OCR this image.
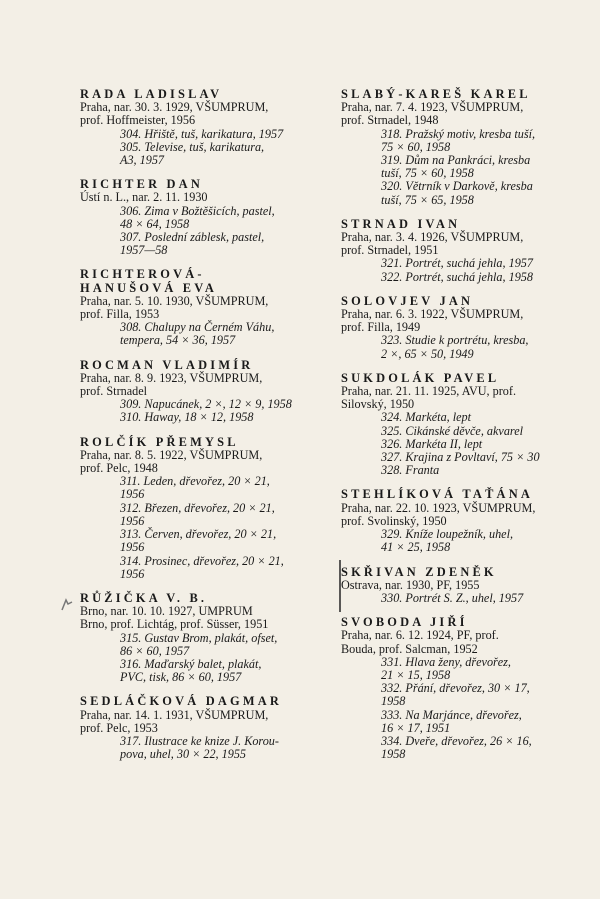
RADA LADISLAV
Praha, nar. 30. 3. 1929, VŠUMPRUM,
prof. Hoffmeister, 1956
304. Hřiště, tuš, karikatura, 1957
305. Televise, tuš, karikatura,
A3, 1957
RICHTER DAN
Ústí n. L., nar. 2. 11. 1930
306. Zima v Božtěšicích, pastel,
48 × 64, 1958
307. Poslední záblesk, pastel,
1957—58
RICHTEROVÁ-
HANUŠOVÁ EVA
Praha, nar. 5. 10. 1930, VŠUMPRUM,
prof. Filla, 1953
308. Chalupy na Černém Váhu,
tempera, 54 × 36, 1957
ROCMAN VLADIMÍR
Praha, nar. 8. 9. 1923, VŠUMPRUM,
prof. Strnadel
309. Napucánek, 2 ×, 12 × 9, 1958
310. Haway, 18 × 12, 1958
ROLČÍK PŘEMYSL
Praha, nar. 8. 5. 1922, VŠUMPRUM,
prof. Pelc, 1948
311. Leden, dřevořez, 20 × 21,
1956
312. Březen, dřevořez, 20 × 21,
1956
313. Červen, dřevořez, 20 × 21,
1956
314. Prosinec, dřevořez, 20 × 21,
1956
RŮŽIČKA V. B.
Brno, nar. 10. 10. 1927, UMPRUM
Brno, prof. Lichtág, prof. Süsser, 1951
315. Gustav Brom, plakát, ofset,
86 × 60, 1957
316. Maďarský balet, plakát,
PVC, tisk, 86 × 60, 1957
SEDLÁČKOVÁ DAGMAR
Praha, nar. 14. 1. 1931, VŠUMPRUM,
prof. Pelc, 1953
317. Ilustrace ke knize J. Korou-
pova, uhel, 30 × 22, 1955
SLABÝ-KAREŠ KAREL
Praha, nar. 7. 4. 1923, VŠUMPRUM,
prof. Strnadel, 1948
318. Pražský motiv, kresba tuší,
75 × 60, 1958
319. Dům na Pankráci, kresba
tuší, 75 × 60, 1958
320. Větrník v Darkově, kresba
tuší, 75 × 65, 1958
STRNAD IVAN
Praha, nar. 3. 4. 1926, VŠUMPRUM,
prof. Strnadel, 1951
321. Portrét, suchá jehla, 1957
322. Portrét, suchá jehla, 1958
SOLOVJEV JAN
Praha, nar. 6. 3. 1922, VŠUMPRUM,
prof. Filla, 1949
323. Studie k portrétu, kresba,
2 ×, 65 × 50, 1949
SUKDOLÁK PAVEL
Praha, nar. 21. 11. 1925, AVU, prof.
Silovský, 1950
324. Markéta, lept
325. Cikánské děvče, akvarel
326. Markéta II, lept
327. Krajina z Povltaví, 75 × 30
328. Franta
STEHLÍKOVÁ TAŤÁNA
Praha, nar. 22. 10. 1923, VŠUMPRUM,
prof. Svolinský, 1950
329. Kníže loupežník, uhel,
41 × 25, 1958
SKŘIVAN ZDENĚK
Ostrava, nar. 1930, PF, 1955
330. Portrét S. Z., uhel, 1957
SVOBODA JIŘÍ
Praha, nar. 6. 12. 1924, PF, prof.
Bouda, prof. Salcman, 1952
331. Hlava ženy, dřevořez,
21 × 15, 1958
332. Přání, dřevořez, 30 × 17,
1958
333. Na Marjánce, dřevořez,
16 × 17, 1951
334. Dveře, dřevořez, 26 × 16,
1958
